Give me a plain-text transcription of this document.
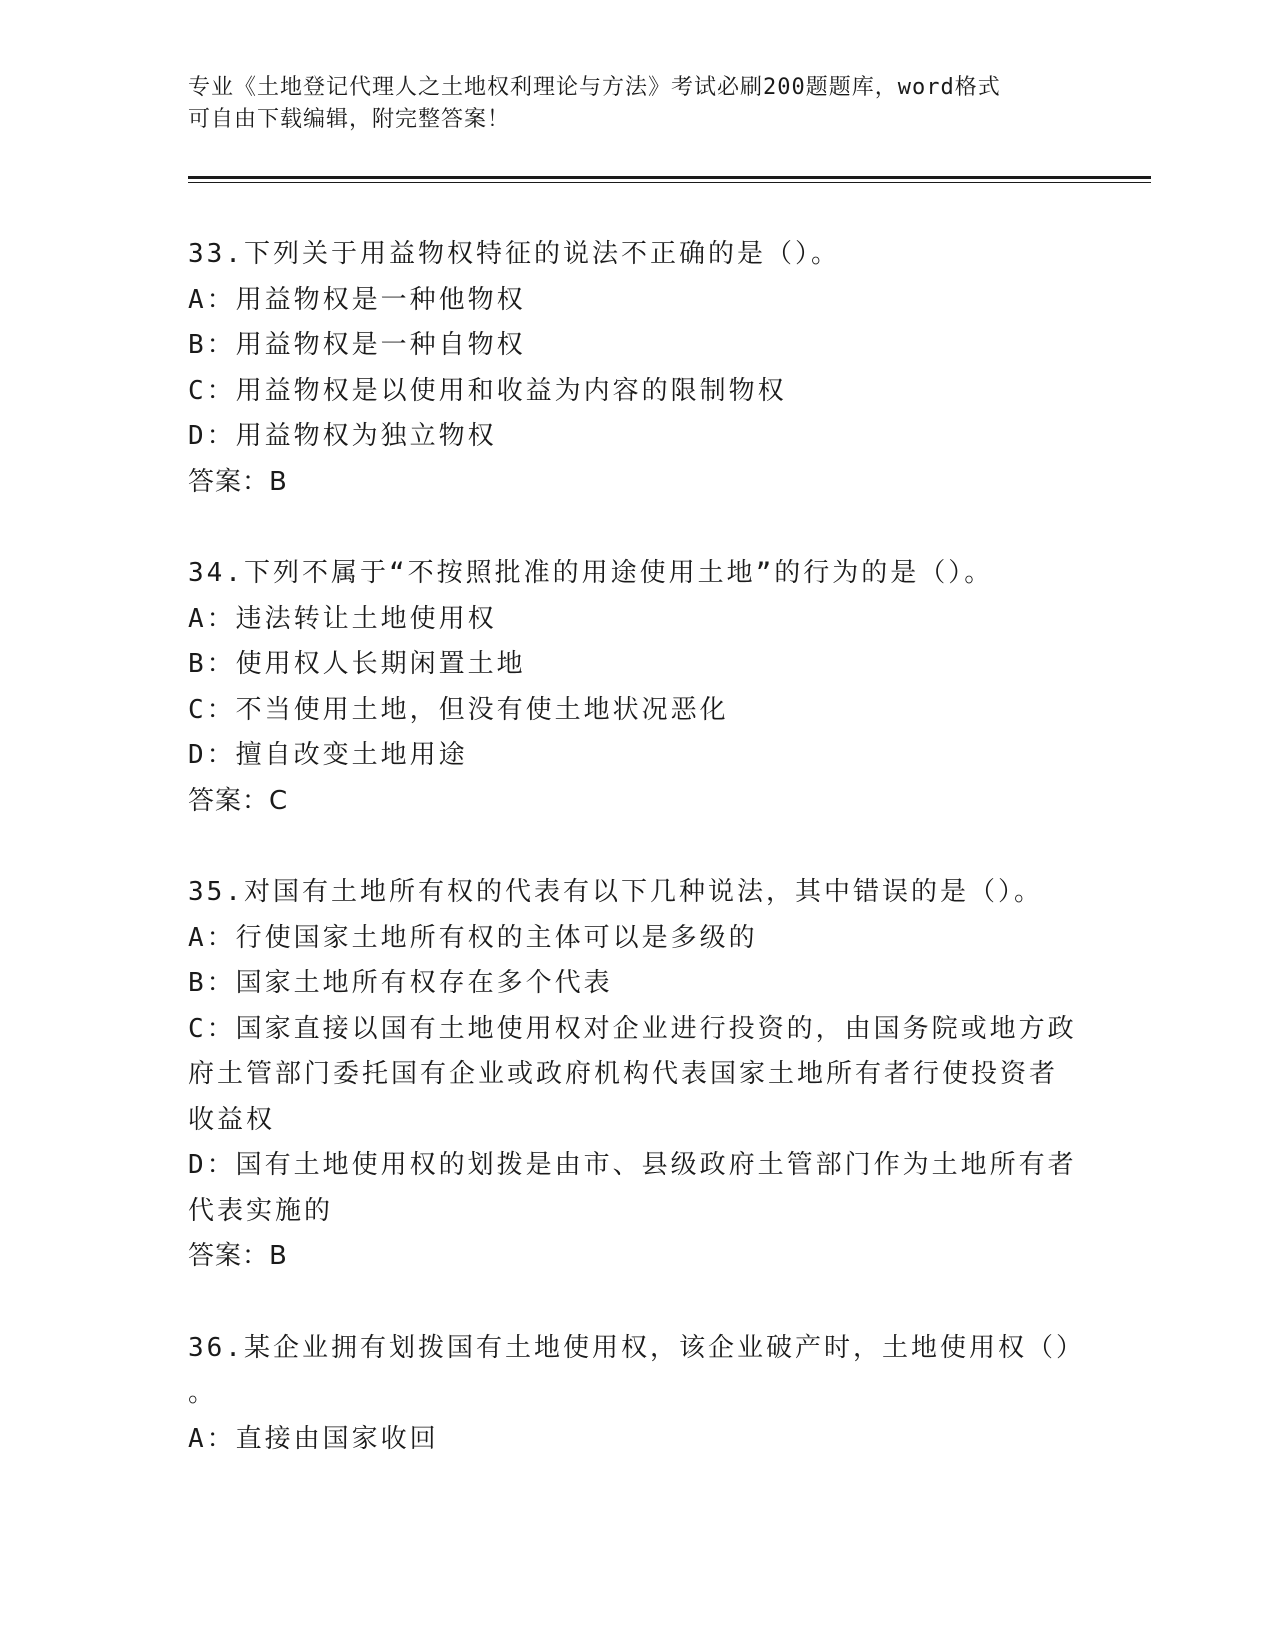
专业《土地登记代理人之土地权利理论与方法》考试必刷200题题库，word格式
可自由下载编辑，附完整答案！
33.下列关于用益物权特征的说法不正确的是（）。
A：用益物权是一种他物权
B：用益物权是一种自物权
C：用益物权是以使用和收益为内容的限制物权
D：用益物权为独立物权
答案：B
34.下列不属于“不按照批准的用途使用土地”的行为的是（）。
A：违法转让土地使用权
B：使用权人长期闲置土地
C：不当使用土地，但没有使土地状况恶化
D：擅自改变土地用途
答案：C
35.对国有土地所有权的代表有以下几种说法，其中错误的是（）。
A：行使国家土地所有权的主体可以是多级的
B：国家土地所有权存在多个代表
C：国家直接以国有土地使用权对企业进行投资的，由国务院或地方政
府土管部门委托国有企业或政府机构代表国家土地所有者行使投资者
收益权
D：国有土地使用权的划拨是由市、县级政府土管部门作为土地所有者
代表实施的
答案：B
36.某企业拥有划拨国有土地使用权，该企业破产时，土地使用权（）
。
A：直接由国家收回
